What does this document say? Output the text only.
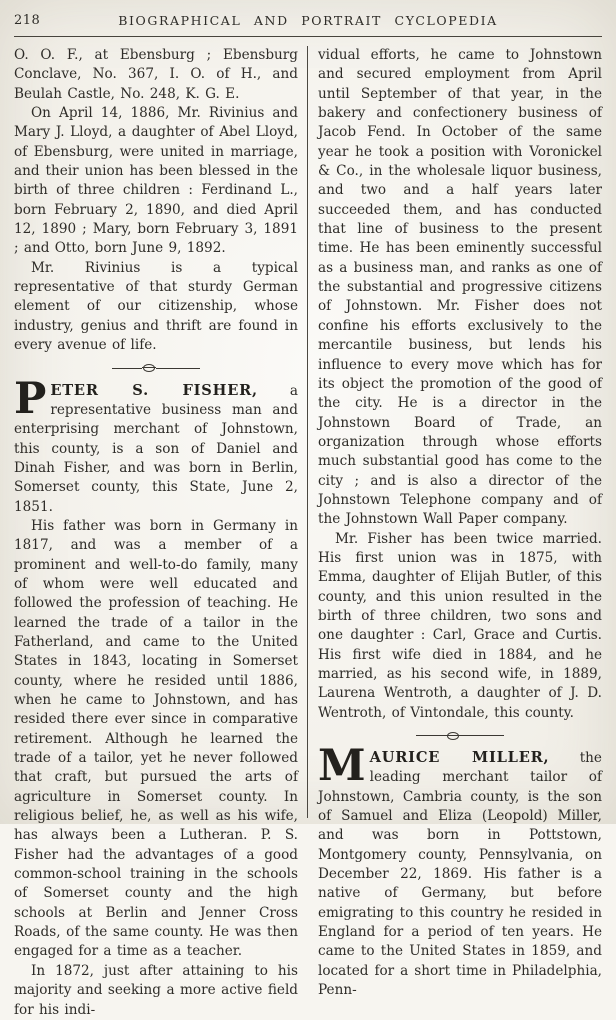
218	BIOGRAPHICAL AND PORTRAIT CYCLOPEDIA

O. O. F., at Ebensburg ; Ebensburg Conclave, No. 367, I. O. of H., and Beulah Castle, No. 248, K. G. E.

On April 14, 1886, Mr. Rivinius and Mary J. Lloyd, a daughter of Abel Lloyd, of Ebensburg, were united in marriage, and their union has been blessed in the birth of three children : Ferdinand L., born February 2, 1890, and died April 12, 1890 ; Mary, born February 3, 1891 ; and Otto, born June 9, 1892.

Mr. Rivinius is a typical representative of that sturdy German element of our citizenship, whose industry, genius and thrift are found in every avenue of life.

PETER S. FISHER, a representative business man and enterprising merchant of Johnstown, this county, is a son of Daniel and Dinah Fisher, and was born in Berlin, Somerset county, this State, June 2, 1851.

His father was born in Germany in 1817, and was a member of a prominent and well-to-do family, many of whom were well educated and followed the profession of teaching. He learned the trade of a tailor in the Fatherland, and came to the United States in 1843, locating in Somerset county, where he resided until 1886, when he came to Johnstown, and has resided there ever since in comparative retirement. Although he learned the trade of a tailor, yet he never followed that craft, but pursued the arts of agriculture in Somerset county. In religious belief, he, as well as his wife, has always been a Lutheran. P. S. Fisher had the advantages of a good common-school training in the schools of Somerset county and the high schools at Berlin and Jenner Cross Roads, of the same county. He was then engaged for a time as a teacher.

In 1872, just after attaining to his majority and seeking a more active field for his indi-

vidual efforts, he came to Johnstown and secured employment from April until September of that year, in the bakery and confectionery business of Jacob Fend. In October of the same year he took a position with Voronickel & Co., in the wholesale liquor business, and two and a half years later succeeded them, and has conducted that line of business to the present time. He has been eminently successful as a business man, and ranks as one of the substantial and progressive citizens of Johnstown. Mr. Fisher does not confine his efforts exclusively to the mercantile business, but lends his influence to every move which has for its object the promotion of the good of the city. He is a director in the Johnstown Board of Trade, an organization through whose efforts much substantial good has come to the city ; and is also a director of the Johnstown Telephone company and of the Johnstown Wall Paper company.

Mr. Fisher has been twice married. His first union was in 1875, with Emma, daughter of Elijah Butler, of this county, and this union resulted in the birth of three children, two sons and one daughter : Carl, Grace and Curtis. His first wife died in 1884, and he married, as his second wife, in 1889, Laurena Wentroth, a daughter of J. D. Wentroth, of Vintondale, this county.

MAURICE MILLER, the leading merchant tailor of Johnstown, Cambria county, is the son of Samuel and Eliza (Leopold) Miller, and was born in Pottstown, Montgomery county, Pennsylvania, on December 22, 1869. His father is a native of Germany, but before emigrating to this country he resided in England for a period of ten years. He came to the United States in 1859, and located for a short time in Philadelphia, Penn-
